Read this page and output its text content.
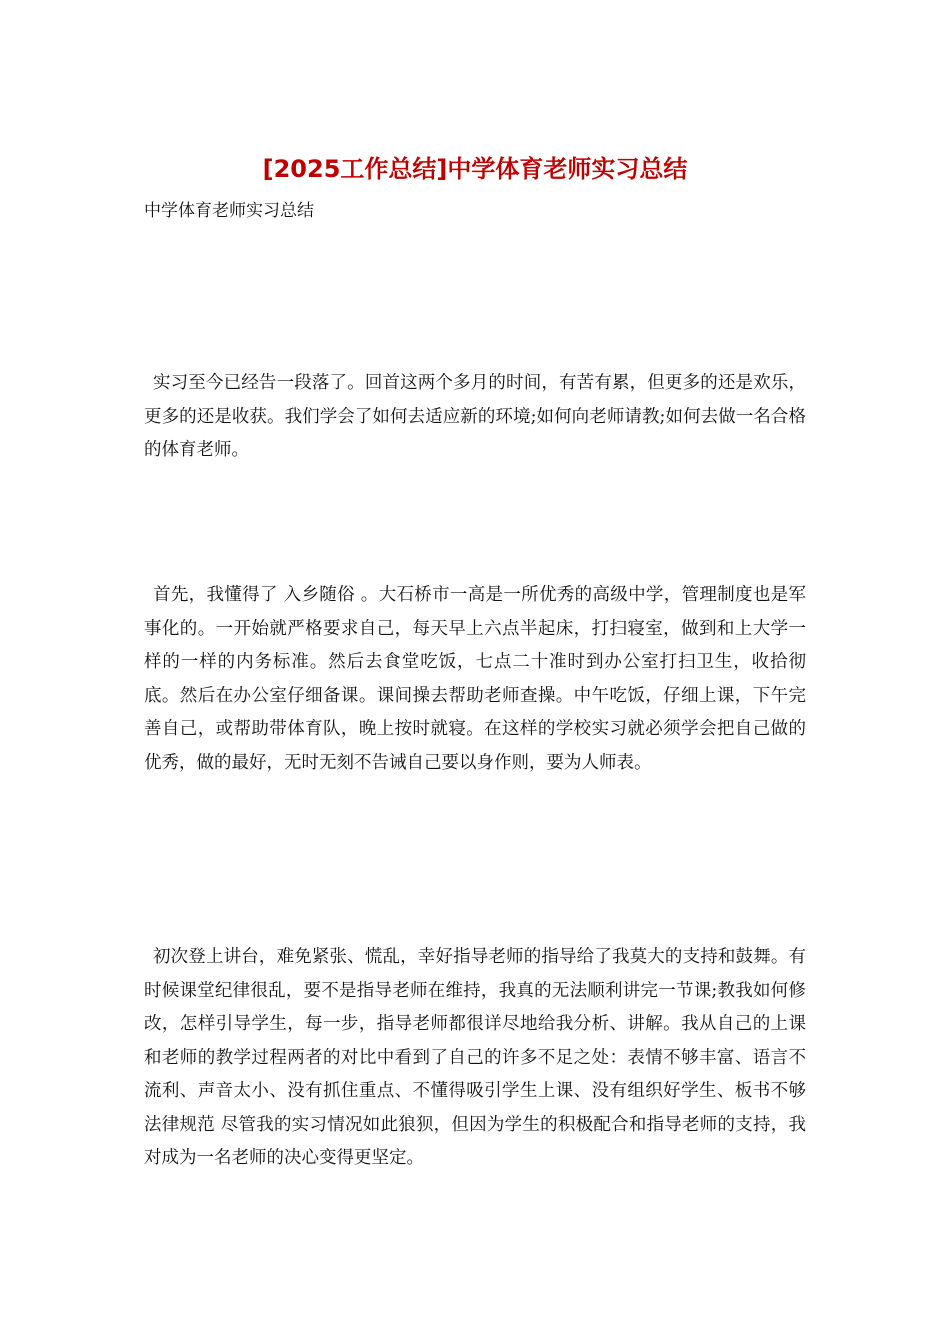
[2025工作总结]中学体育老师实习总结

中学体育老师实习总结

实习至今已经告一段落了。回首这两个多月的时间，有苦有累，但更多的还是欢乐，更多的还是收获。我们学会了如何去适应新的环境;如何向老师请教;如何去做一名合格的体育老师。

首先，我懂得了 入乡随俗 。大石桥市一高是一所优秀的高级中学，管理制度也是军事化的。一开始就严格要求自己，每天早上六点半起床，打扫寝室，做到和上大学一样的一样的内务标准。然后去食堂吃饭，七点二十准时到办公室打扫卫生，收拾彻底。然后在办公室仔细备课。课间操去帮助老师查操。中午吃饭，仔细上课，下午完善自己，或帮助带体育队，晚上按时就寝。在这样的学校实习就必须学会把自己做的优秀，做的最好，无时无刻不告诫自己要以身作则，要为人师表。

初次登上讲台，难免紧张、慌乱，幸好指导老师的指导给了我莫大的支持和鼓舞。有时候课堂纪律很乱，要不是指导老师在维持，我真的无法顺利讲完一节课;教我如何修改，怎样引导学生，每一步，指导老师都很详尽地给我分析、讲解。我从自己的上课和老师的教学过程两者的对比中看到了自己的许多不足之处：表情不够丰富、语言不流利、声音太小、没有抓住重点、不懂得吸引学生上课、没有组织好学生、板书不够法律规范 尽管我的实习情况如此狼狈，但因为学生的积极配合和指导老师的支持，我对成为一名老师的决心变得更坚定。
